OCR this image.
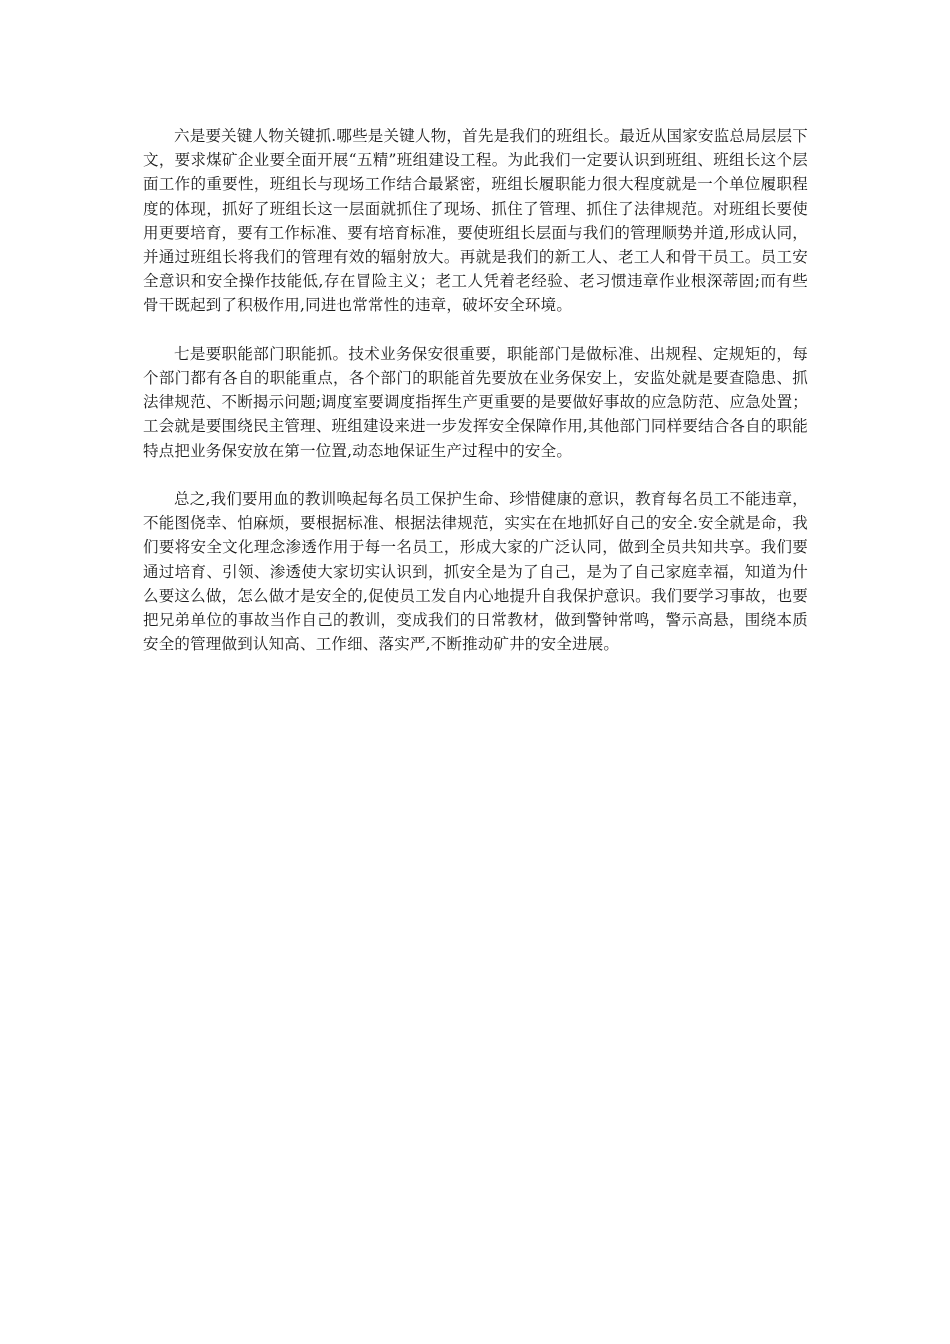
六是要关键人物关键抓.哪些是关键人物，首先是我们的班组长。最近从国家安监总局层层下文，要求煤矿企业要全面开展“五精”班组建设工程。为此我们一定要认识到班组、班组长这个层面工作的重要性，班组长与现场工作结合最紧密，班组长履职能力很大程度就是一个单位履职程度的体现，抓好了班组长这一层面就抓住了现场、抓住了管理、抓住了法律规范。对班组长要使用更要培育，要有工作标准、要有培育标准，要使班组长层面与我们的管理顺势并道,形成认同，并通过班组长将我们的管理有效的辐射放大。再就是我们的新工人、老工人和骨干员工。员工安全意识和安全操作技能低,存在冒险主义；老工人凭着老经验、老习惯违章作业根深蒂固;而有些骨干既起到了积极作用,同进也常常性的违章，破坏安全环境。

七是要职能部门职能抓。技术业务保安很重要，职能部门是做标准、出规程、定规矩的，每个部门都有各自的职能重点，各个部门的职能首先要放在业务保安上，安监处就是要查隐患、抓法律规范、不断揭示问题;调度室要调度指挥生产更重要的是要做好事故的应急防范、应急处置；工会就是要围绕民主管理、班组建设来进一步发挥安全保障作用,其他部门同样要结合各自的职能特点把业务保安放在第一位置,动态地保证生产过程中的安全。

总之,我们要用血的教训唤起每名员工保护生命、珍惜健康的意识，教育每名员工不能违章，不能图侥幸、怕麻烦，要根据标准、根据法律规范，实实在在地抓好自己的安全.安全就是命，我们要将安全文化理念渗透作用于每一名员工，形成大家的广泛认同，做到全员共知共享。我们要通过培育、引领、渗透使大家切实认识到，抓安全是为了自己，是为了自己家庭幸福，知道为什么要这么做，怎么做才是安全的,促使员工发自内心地提升自我保护意识。我们要学习事故，也要把兄弟单位的事故当作自己的教训，变成我们的日常教材，做到警钟常鸣，警示高悬，围绕本质安全的管理做到认知高、工作细、落实严,不断推动矿井的安全进展。
